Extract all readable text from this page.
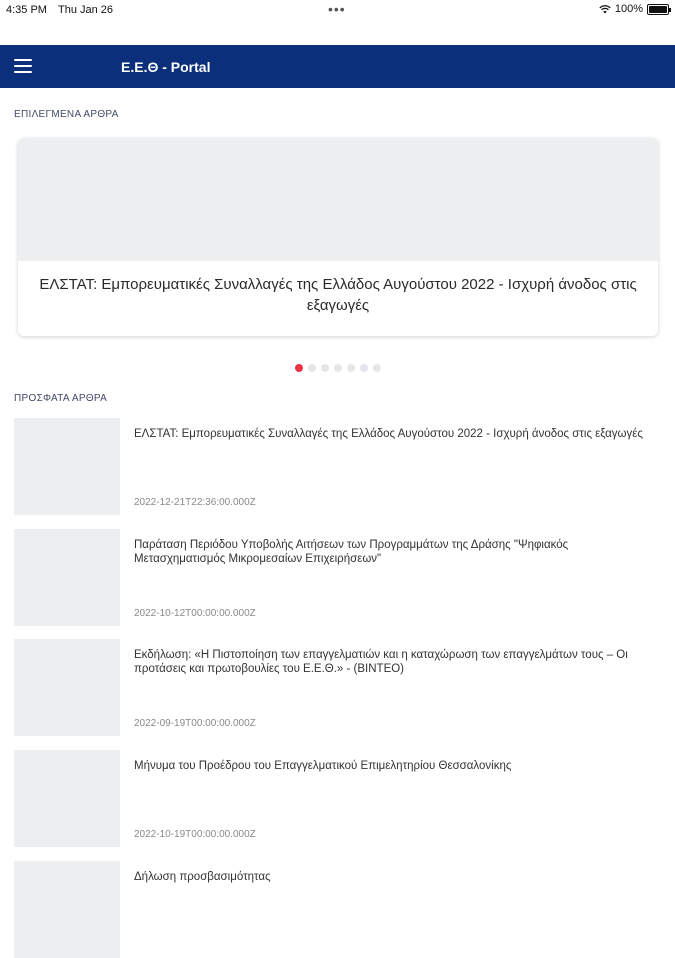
4:35 PM Thu Jan 26	•••	100%
Ε.Ε.Θ - Portal
ΕΠΙΛΕΓΜΕΝΑ ΑΡΘΡΑ
ΕΛΣΤΑΤ: Εμπορευματικές Συναλλαγές της Ελλάδος Αυγούστου 2022 - Ισχυρή άνοδος στις εξαγωγές
ΠΡΟΣΦΑΤΑ ΑΡΘΡΑ
ΕΛΣΤΑΤ: Εμπορευματικές Συναλλαγές της Ελλάδος Αυγούστου 2022 - Ισχυρή άνοδος στις εξαγωγές
2022-12-21T22:36:00.000Z
Παράταση Περιόδου Υποβολής Αιτήσεων των Προγραμμάτων της Δράσης "Ψηφιακός Μετασχηματισμός Μικρομεσαίων Επιχειρήσεων"
2022-10-12T00:00:00.000Z
Εκδήλωση: «Η Πιστοποίηση των επαγγελματιών και η καταχώρωση των επαγγελμάτων τους – Οι προτάσεις και πρωτοβουλίες του Ε.Ε.Θ.» - (ΒΙΝΤΕΟ)
2022-09-19T00:00:00.000Z
Μήνυμα του Προέδρου του Επαγγελματικού Επιμελητηρίου Θεσσαλονίκης
2022-10-19T00:00:00.000Z
Δήλωση προσβασιμότητας
